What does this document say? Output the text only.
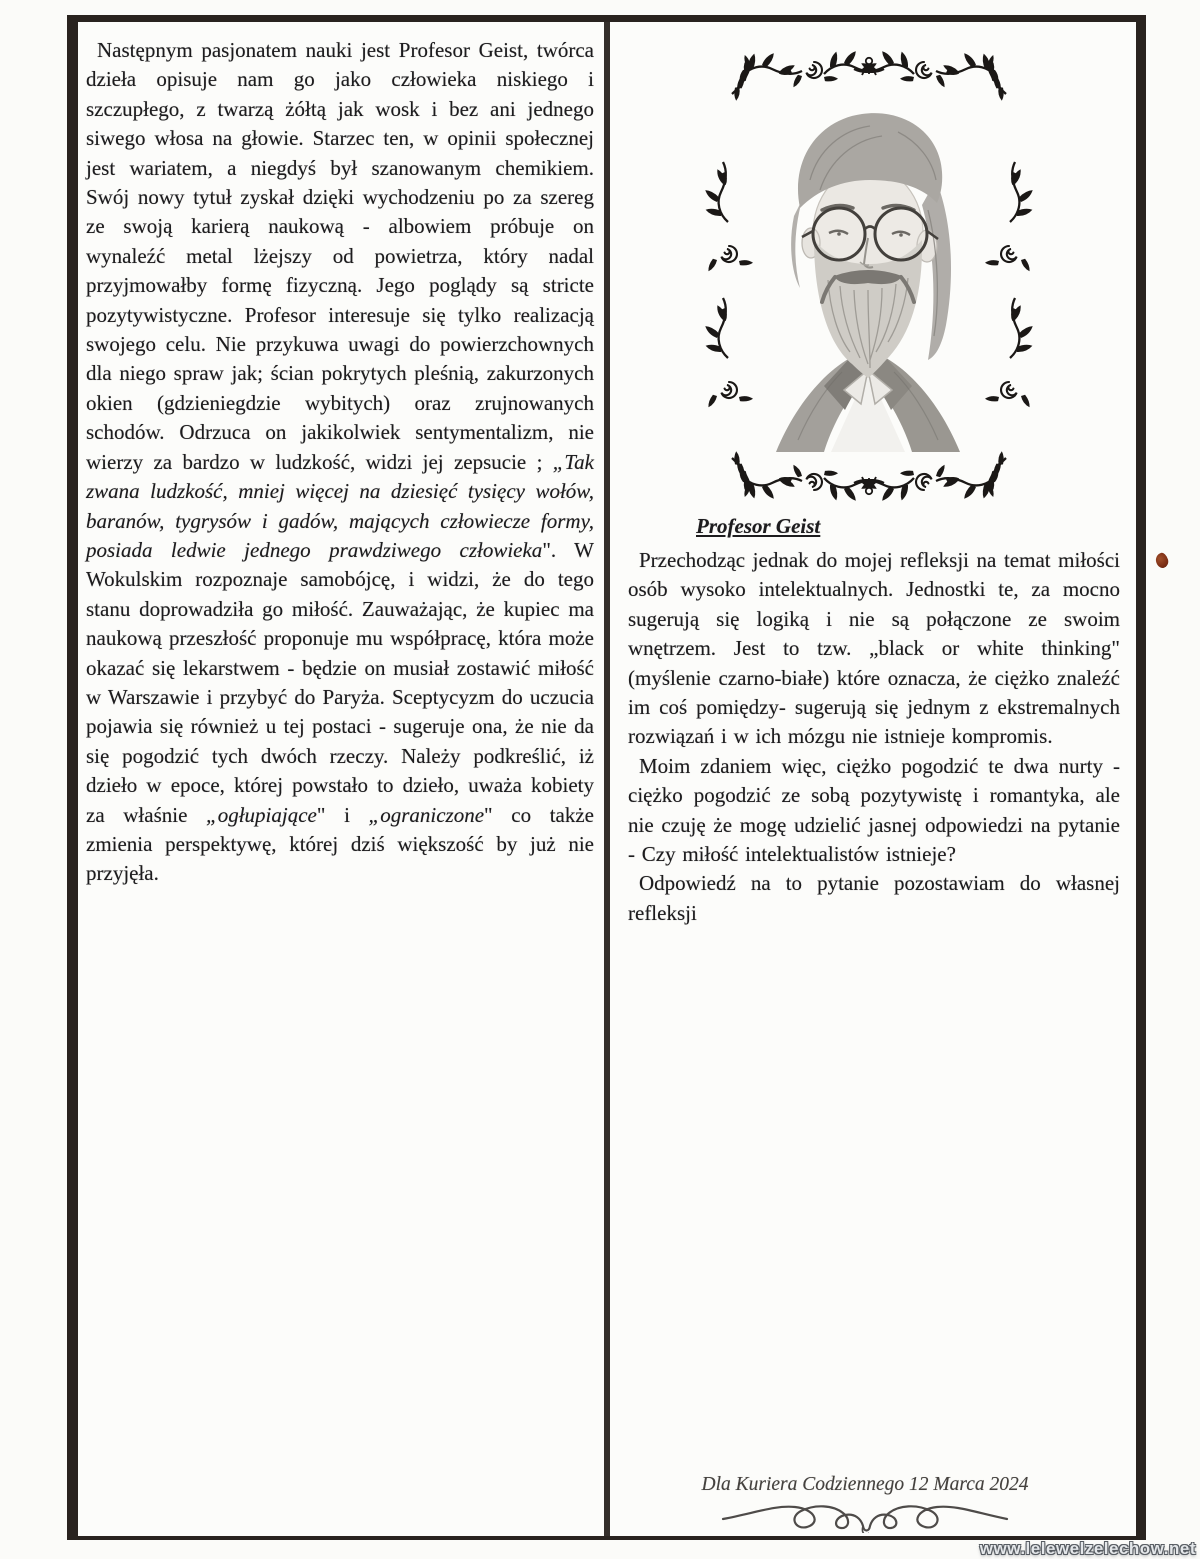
Następnym pasjonatem nauki jest Profesor Geist, twórca dzieła opisuje nam go jako człowieka niskiego i szczupłego, z twarzą żółtą jak wosk i bez ani jednego siwego włosa na głowie. Starzec ten, w opinii społecznej jest wariatem, a niegdyś był szanowanym chemikiem. Swój nowy tytuł zyskał dzięki wychodzeniu po za szereg ze swoją karierą naukową - albowiem próbuje on wynaleźć metal lżejszy od powietrza, który nadal przyjmowałby formę fizyczną. Jego poglądy są stricte pozytywistyczne. Profesor interesuje się tylko realizacją swojego celu. Nie przykuwa uwagi do powierzchownych dla niego spraw jak; ścian pokrytych pleśnią, zakurzonych okien (gdzieniegdzie wybitych) oraz zrujnowanych schodów. Odrzuca on jakikolwiek sentymentalizm, nie wierzy za bardzo w ludzkość, widzi jej zepsucie ; „Tak zwana ludzkość, mniej więcej na dziesięć tysięcy wołów, baranów, tygrysów i gadów, mających człowiecze formy, posiada ledwie jednego prawdziwego człowieka". W Wokulskim rozpoznaje samobójcę, i widzi, że do tego stanu doprowadziła go miłość. Zauważając, że kupiec ma naukową przeszłość proponuje mu współpracę, która może okazać się lekarstwem - będzie on musiał zostawić miłość w Warszawie i przybyć do Paryża. Sceptycyzm do uczucia pojawia się również u tej postaci - sugeruje ona, że nie da się pogodzić tych dwóch rzeczy. Należy podkreślić, iż dzieło w epoce, której powstało to dzieło, uważa kobiety za właśnie „ogłupiające" i „ograniczone" co także zmienia perspektywę, której dziś większość by już nie przyjęła.

Profesor Geist

Przechodząc jednak do mojej refleksji na temat miłości osób wysoko intelektualnych. Jednostki te, za mocno sugerują się logiką i nie są połączone ze swoim wnętrzem. Jest to tzw. „black or white thinking" (myślenie czarno-białe) które oznacza, że ciężko znaleźć im coś pomiędzy- sugerują się jednym z ekstremalnych rozwiązań i w ich mózgu nie istnieje kompromis.

Moim zdaniem więc, ciężko pogodzić te dwa nurty - ciężko pogodzić ze sobą pozytywistę i romantyka, ale nie czuję że mogę udzielić jasnej odpowiedzi na pytanie - Czy miłość intelektualistów istnieje?

Odpowiedź na to pytanie pozostawiam do własnej refleksji

Dla Kuriera Codziennego 12 Marca 2024
www.lelewelzelechow.net
